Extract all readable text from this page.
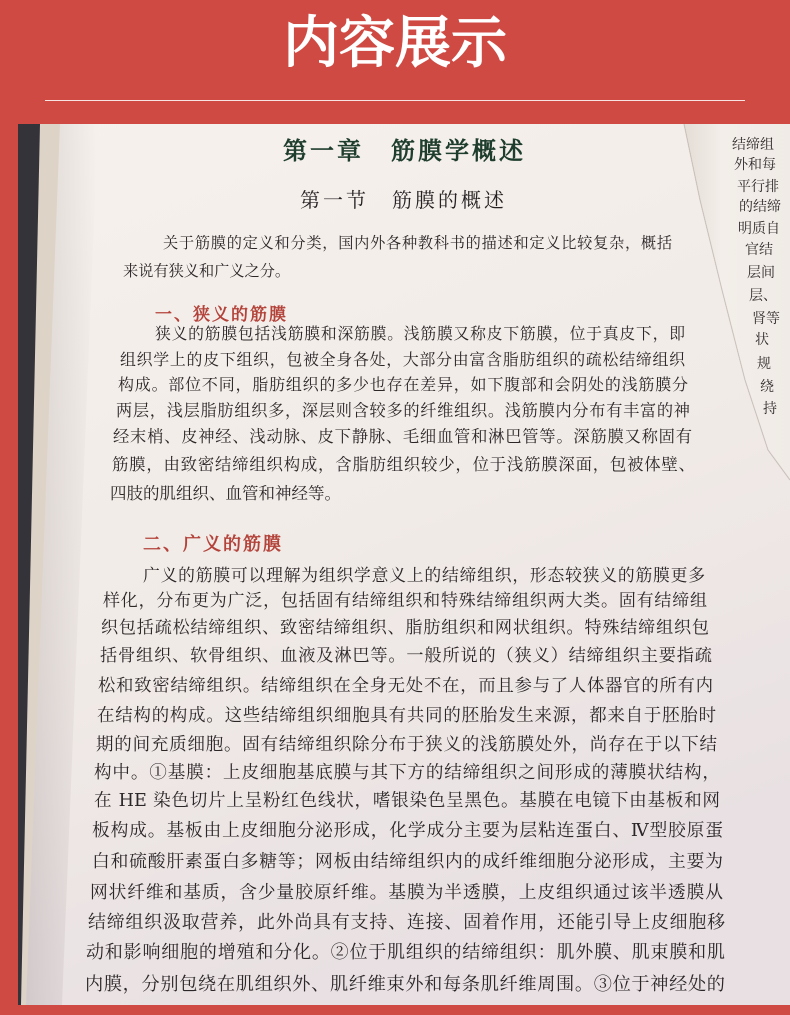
内容展示
结缔组
外和每
平行排
的结缔
明质自
官结
层间
层、
肾等
状
规
绕
持
第一章　筋膜学概述
第一节　筋膜的概述
关于筋膜的定义和分类，国内外各种教科书的描述和定义比较复杂，概括
来说有狭义和广义之分。
一、狭义的筋膜
狭义的筋膜包括浅筋膜和深筋膜。浅筋膜又称皮下筋膜，位于真皮下，即
组织学上的皮下组织，包被全身各处，大部分由富含脂肪组织的疏松结缔组织
构成。部位不同，脂肪组织的多少也存在差异，如下腹部和会阴处的浅筋膜分
两层，浅层脂肪组织多，深层则含较多的纤维组织。浅筋膜内分布有丰富的神
经末梢、皮神经、浅动脉、皮下静脉、毛细血管和淋巴管等。深筋膜又称固有
筋膜，由致密结缔组织构成，含脂肪组织较少，位于浅筋膜深面，包被体壁、
四肢的肌组织、血管和神经等。
二、广义的筋膜
广义的筋膜可以理解为组织学意义上的结缔组织，形态较狭义的筋膜更多
样化，分布更为广泛，包括固有结缔组织和特殊结缔组织两大类。固有结缔组
织包括疏松结缔组织、致密结缔组织、脂肪组织和网状组织。特殊结缔组织包
括骨组织、软骨组织、血液及淋巴等。一般所说的（狭义）结缔组织主要指疏
松和致密结缔组织。结缔组织在全身无处不在，而且参与了人体器官的所有内
在结构的构成。这些结缔组织细胞具有共同的胚胎发生来源，都来自于胚胎时
期的间充质细胞。固有结缔组织除分布于狭义的浅筋膜处外，尚存在于以下结
构中。①基膜：上皮细胞基底膜与其下方的结缔组织之间形成的薄膜状结构，
在 HE 染色切片上呈粉红色线状，嗜银染色呈黑色。基膜在电镜下由基板和网
板构成。基板由上皮细胞分泌形成，化学成分主要为层粘连蛋白、Ⅳ型胶原蛋
白和硫酸肝素蛋白多糖等；网板由结缔组织内的成纤维细胞分泌形成，主要为
网状纤维和基质，含少量胶原纤维。基膜为半透膜，上皮组织通过该半透膜从
结缔组织汲取营养，此外尚具有支持、连接、固着作用，还能引导上皮细胞移
动和影响细胞的增殖和分化。②位于肌组织的结缔组织：肌外膜、肌束膜和肌
内膜，分别包绕在肌组织外、肌纤维束外和每条肌纤维周围。③位于神经处的
